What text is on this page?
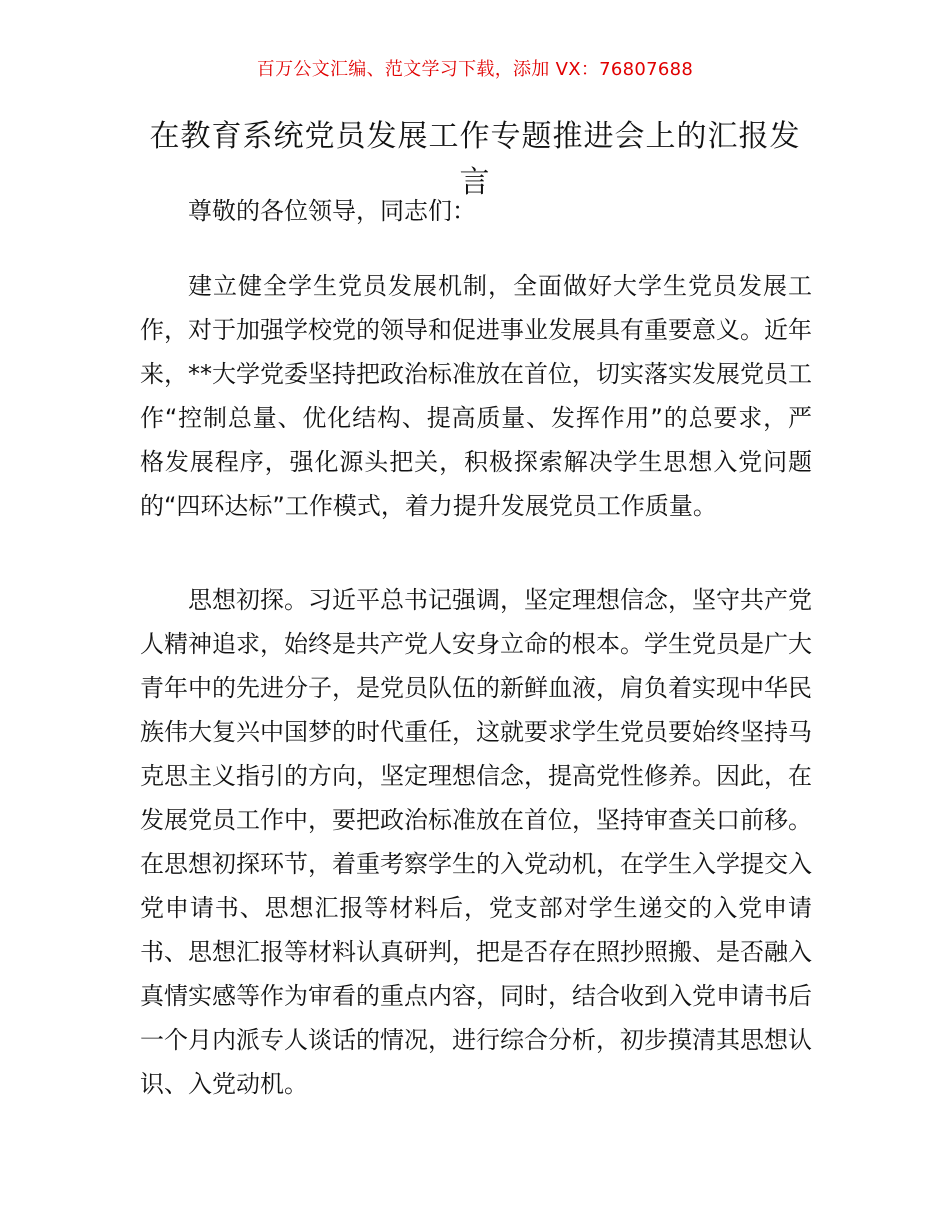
百万公文汇编、范文学习下载，添加 VX：76807688
在教育系统党员发展工作专题推进会上的汇报发言

尊敬的各位领导，同志们：

建立健全学生党员发展机制，全面做好大学生党员发展工作，对于加强学校党的领导和促进事业发展具有重要意义。近年来，**大学党委坚持把政治标准放在首位，切实落实发展党员工作“控制总量、优化结构、提高质量、发挥作用”的总要求，严格发展程序，强化源头把关，积极探索解决学生思想入党问题的“四环达标”工作模式，着力提升发展党员工作质量。

思想初探。习近平总书记强调，坚定理想信念，坚守共产党人精神追求，始终是共产党人安身立命的根本。学生党员是广大青年中的先进分子，是党员队伍的新鲜血液，肩负着实现中华民族伟大复兴中国梦的时代重任，这就要求学生党员要始终坚持马克思主义指引的方向，坚定理想信念，提高党性修养。因此，在发展党员工作中，要把政治标准放在首位，坚持审查关口前移。在思想初探环节，着重考察学生的入党动机，在学生入学提交入党申请书、思想汇报等材料后，党支部对学生递交的入党申请书、思想汇报等材料认真研判，把是否存在照抄照搬、是否融入真情实感等作为审看的重点内容，同时，结合收到入党申请书后一个月内派专人谈话的情况，进行综合分析，初步摸清其思想认识、入党动机。
